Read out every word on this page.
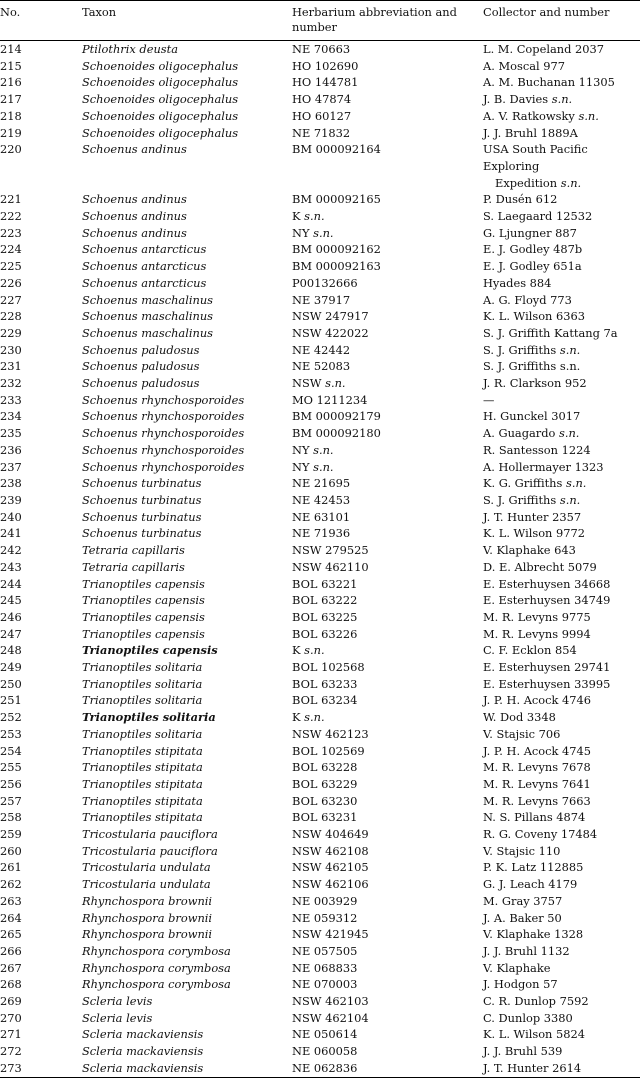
No.	Taxon	Herbarium abbreviation and number	Collector and number
214	Ptilothrix deusta	NE 70663	L. M. Copeland 2037
215	Schoenoides oligocephalus	HO 102690	A. Moscal 977
216	Schoenoides oligocephalus	HO 144781	A. M. Buchanan 11305
217	Schoenoides oligocephalus	HO 47874	J. B. Davies s.n.
218	Schoenoides oligocephalus	HO 60127	A. V. Ratkowsky s.n.
219	Schoenoides oligocephalus	NE 71832	J. J. Bruhl 1889A
220	Schoenus andinus	BM 000092164	USA South Pacific Exploring
Expedition s.n.
221	Schoenus andinus	BM 000092165	P. Dusén 612
222	Schoenus andinus	K s.n.	S. Laegaard 12532
223	Schoenus andinus	NY s.n.	G. Ljungner 887
224	Schoenus antarcticus	BM 000092162	E. J. Godley 487b
225	Schoenus antarcticus	BM 000092163	E. J. Godley 651a
226	Schoenus antarcticus	P00132666	Hyades 884
227	Schoenus maschalinus	NE 37917	A. G. Floyd 773
228	Schoenus maschalinus	NSW 247917	K. L. Wilson 6363
229	Schoenus maschalinus	NSW 422022	S. J. Griffith Kattang 7a
230	Schoenus paludosus	NE 42442	S. J. Griffiths s.n.
231	Schoenus paludosus	NE 52083	S. J. Griffiths s.n.
232	Schoenus paludosus	NSW s.n.	J. R. Clarkson 952
233	Schoenus rhynchosporoides	MO 1211234	—
234	Schoenus rhynchosporoides	BM 000092179	H. Gunckel 3017
235	Schoenus rhynchosporoides	BM 000092180	A. Guagardo s.n.
236	Schoenus rhynchosporoides	NY s.n.	R. Santesson 1224
237	Schoenus rhynchosporoides	NY s.n.	A. Hollermayer 1323
238	Schoenus turbinatus	NE 21695	K. G. Griffiths s.n.
239	Schoenus turbinatus	NE 42453	S. J. Griffiths s.n.
240	Schoenus turbinatus	NE 63101	J. T. Hunter 2357
241	Schoenus turbinatus	NE 71936	K. L. Wilson 9772
242	Tetraria capillaris	NSW 279525	V. Klaphake 643
243	Tetraria capillaris	NSW 462110	D. E. Albrecht 5079
244	Trianoptiles capensis	BOL 63221	E. Esterhuysen 34668
245	Trianoptiles capensis	BOL 63222	E. Esterhuysen 34749
246	Trianoptiles capensis	BOL 63225	M. R. Levyns 9775
247	Trianoptiles capensis	BOL 63226	M. R. Levyns 9994
248	Trianoptiles capensis	K s.n.	C. F. Ecklon 854
249	Trianoptiles solitaria	BOL 102568	E. Esterhuysen 29741
250	Trianoptiles solitaria	BOL 63233	E. Esterhuysen 33995
251	Trianoptiles solitaria	BOL 63234	J. P. H. Acock 4746
252	Trianoptiles solitaria	K s.n.	W. Dod 3348
253	Trianoptiles solitaria	NSW 462123	V. Stajsic 706
254	Trianoptiles stipitata	BOL 102569	J. P. H. Acock 4745
255	Trianoptiles stipitata	BOL 63228	M. R. Levyns 7678
256	Trianoptiles stipitata	BOL 63229	M. R. Levyns 7641
257	Trianoptiles stipitata	BOL 63230	M. R. Levyns 7663
258	Trianoptiles stipitata	BOL 63231	N. S. Pillans 4874
259	Tricostularia pauciflora	NSW 404649	R. G. Coveny 17484
260	Tricostularia pauciflora	NSW 462108	V. Stajsic 110
261	Tricostularia undulata	NSW 462105	P. K. Latz 112885
262	Tricostularia undulata	NSW 462106	G. J. Leach 4179
263	Rhynchospora brownii	NE 003929	M. Gray 3757
264	Rhynchospora brownii	NE 059312	J. A. Baker 50
265	Rhynchospora brownii	NSW 421945	V. Klaphake 1328
266	Rhynchospora corymbosa	NE 057505	J. J. Bruhl 1132
267	Rhynchospora corymbosa	NE 068833	V. Klaphake
268	Rhynchospora corymbosa	NE 070003	J. Hodgon 57
269	Scleria levis	NSW 462103	C. R. Dunlop 7592
270	Scleria levis	NSW 462104	C. Dunlop 3380
271	Scleria mackaviensis	NE 050614	K. L. Wilson 5824
272	Scleria mackaviensis	NE 060058	J. J. Bruhl 539
273	Scleria mackaviensis	NE 062836	J. T. Hunter 2614
